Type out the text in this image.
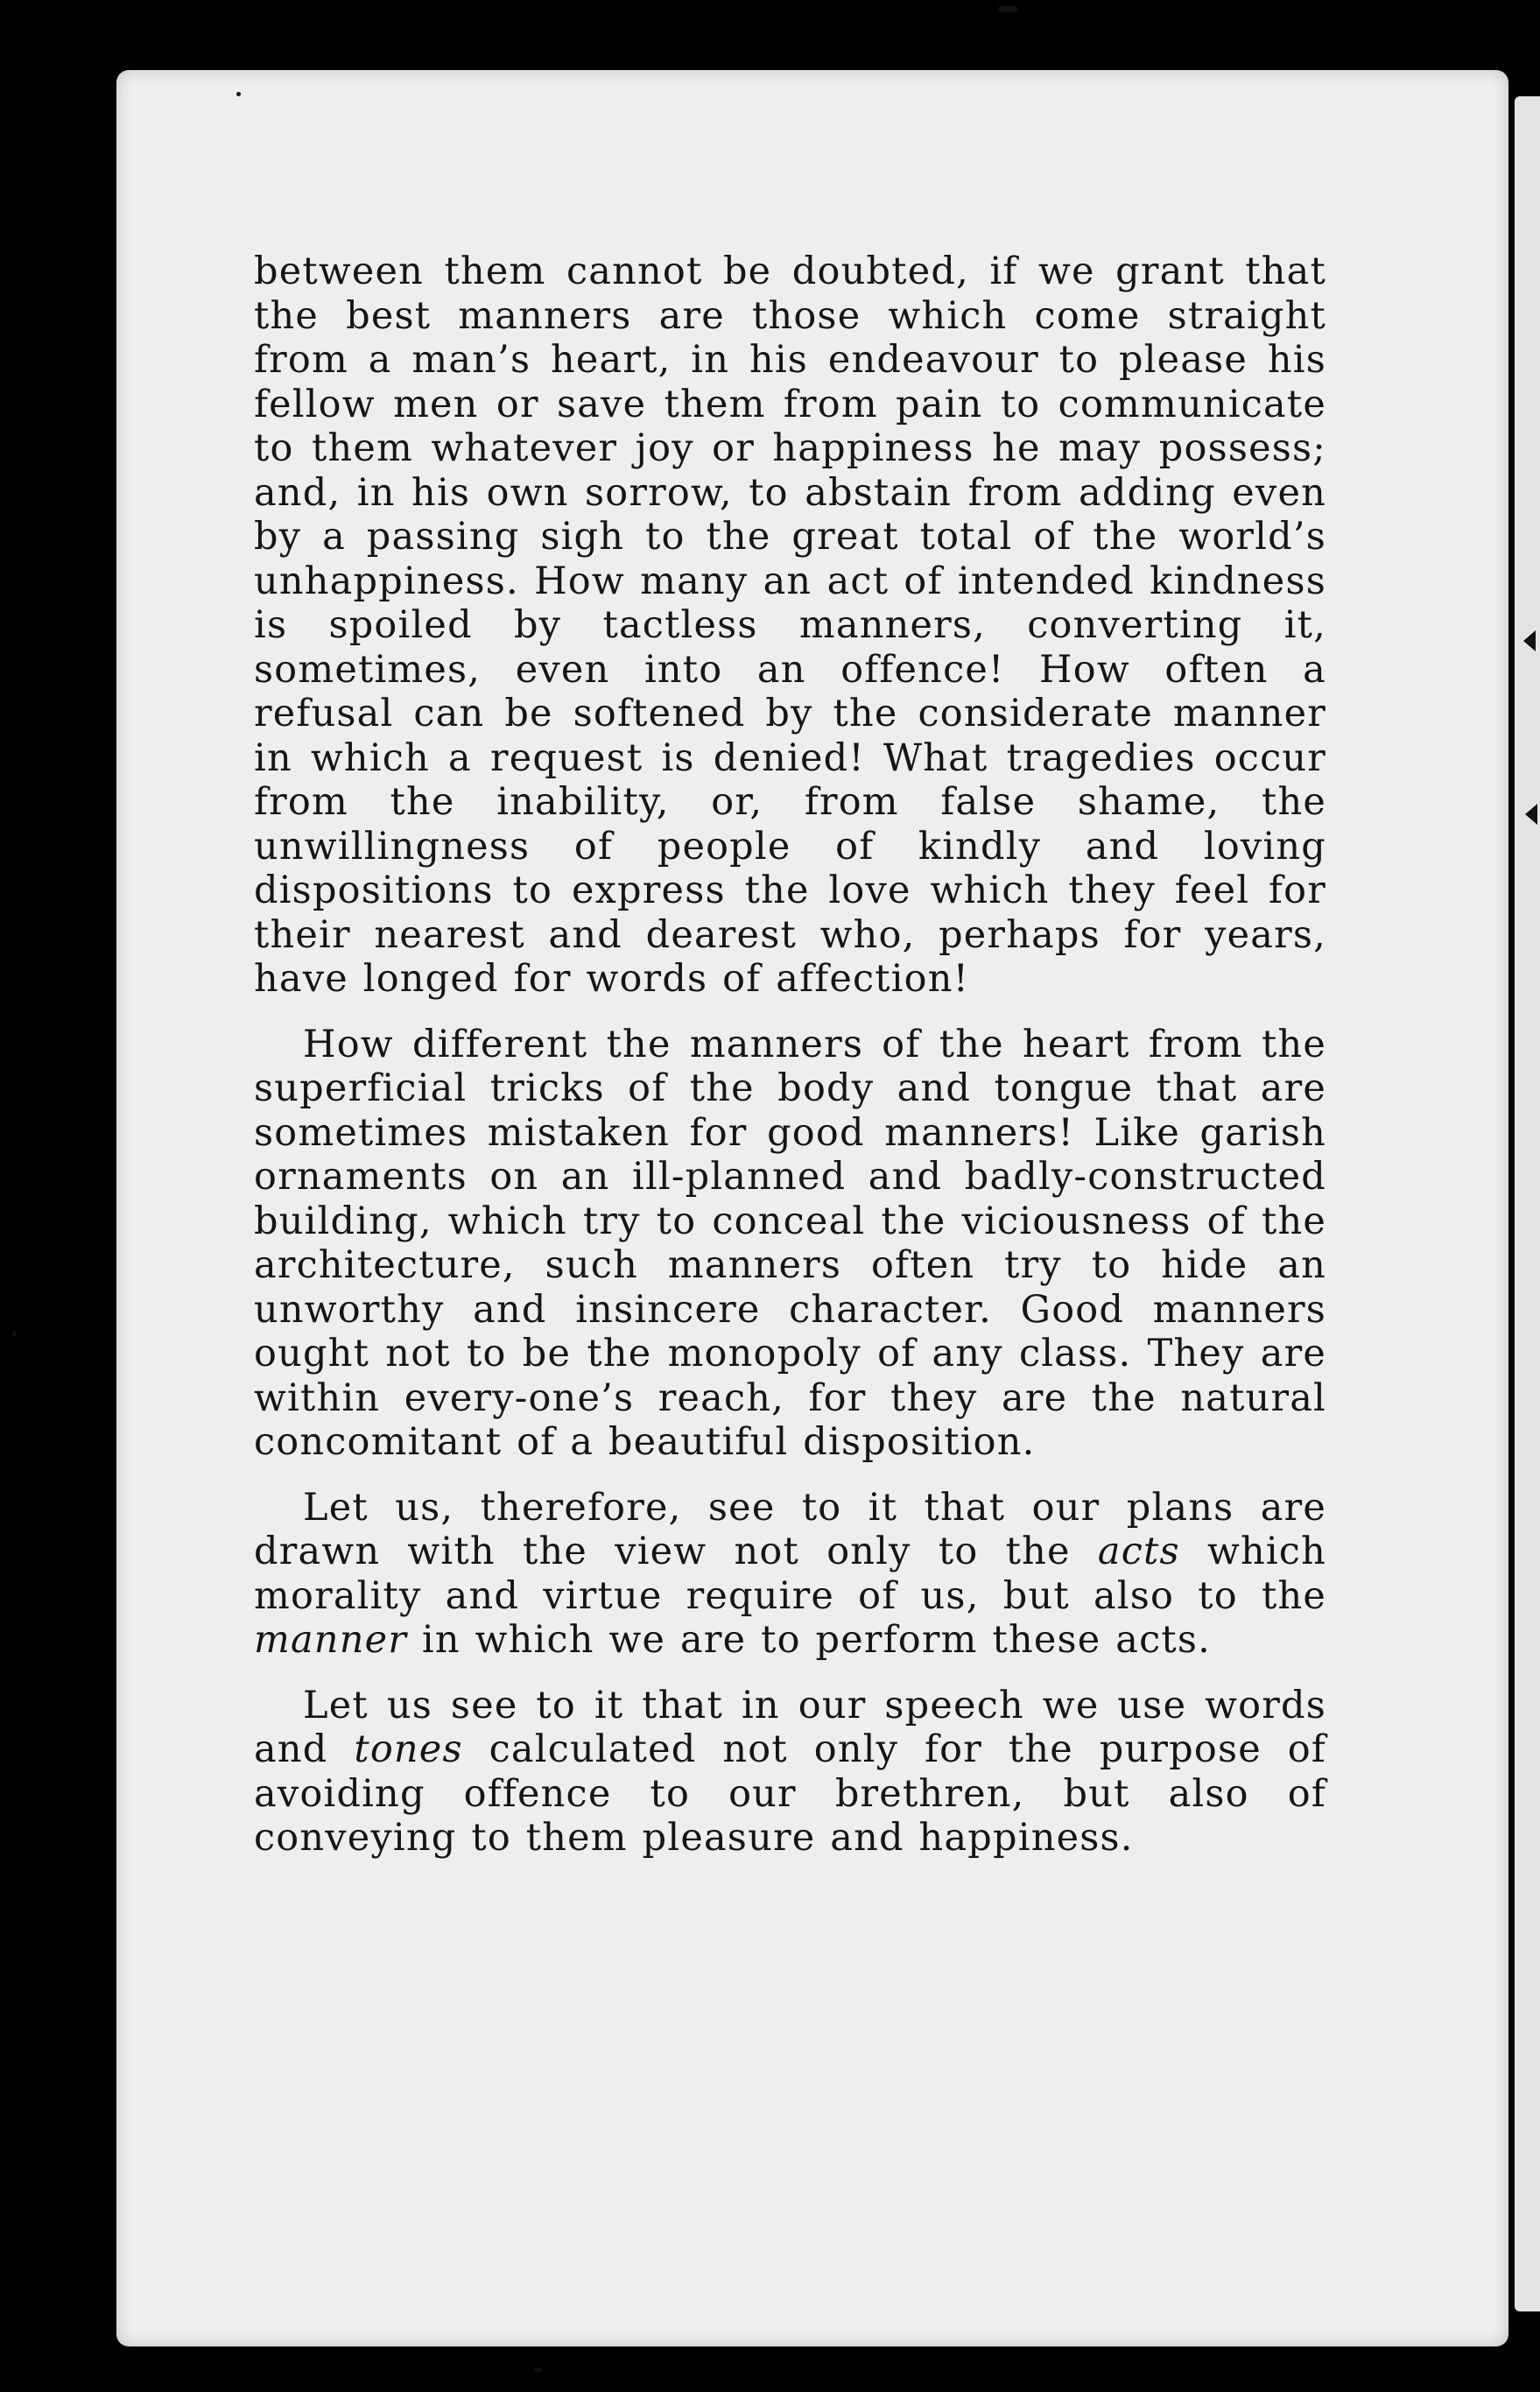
between them cannot be doubted, if we grant that the best manners are those which come straight from a man’s heart, in his endeavour to please his fellow men or save them from pain to communicate to them whatever joy or happiness he may possess; and, in his own sorrow, to abstain from adding even by a passing sigh to the great total of the world’s unhappiness. How many an act of intended kindness is spoiled by tactless manners, converting it, sometimes, even into an offence! How often a refusal can be softened by the considerate manner in which a request is denied! What tragedies occur from the inability, or, from false shame, the unwillingness of people of kindly and loving dispositions to express the love which they feel for their nearest and dearest who, perhaps for years, have longed for words of affection!

How different the manners of the heart from the superficial tricks of the body and tongue that are sometimes mistaken for good manners! Like garish ornaments on an ill-planned and badly-constructed building, which try to conceal the viciousness of the architecture, such manners often try to hide an unworthy and insincere character. Good manners ought not to be the monopoly of any class. They are within every-one’s reach, for they are the natural concomitant of a beautiful disposition.

Let us, therefore, see to it that our plans are drawn with the view not only to the acts which morality and virtue require of us, but also to the manner in which we are to perform these acts.

Let us see to it that in our speech we use words and tones calculated not only for the purpose of avoiding offence to our brethren, but also of conveying to them pleasure and happiness.
